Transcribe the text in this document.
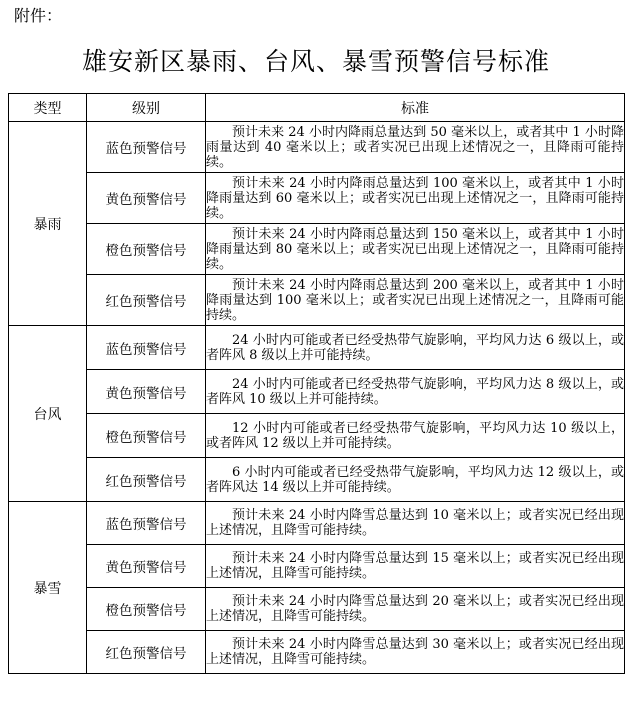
附件：
雄安新区暴雨、台风、暴雪预警信号标准
类型	级别	标准
暴雨	蓝色预警信号	预计未来 24 小时内降雨总量达到 50 毫米以上，或者其中 1 小时降雨量达到 40 毫米以上；或者实况已出现上述情况之一，且降雨可能持续。
	黄色预警信号	预计未来 24 小时内降雨总量达到 100 毫米以上，或者其中 1 小时降雨量达到 60 毫米以上；或者实况已出现上述情况之一，且降雨可能持续。
	橙色预警信号	预计未来 24 小时内降雨总量达到 150 毫米以上，或者其中 1 小时降雨量达到 80 毫米以上；或者实况已出现上述情况之一，且降雨可能持续。
	红色预警信号	预计未来 24 小时内降雨总量达到 200 毫米以上，或者其中 1 小时降雨量达到 100 毫米以上；或者实况已出现上述情况之一，且降雨可能持续。
台风	蓝色预警信号	24 小时内可能或者已经受热带气旋影响，平均风力达 6 级以上，或者阵风 8 级以上并可能持续。
	黄色预警信号	24 小时内可能或者已经受热带气旋影响，平均风力达 8 级以上，或者阵风 10 级以上并可能持续。
	橙色预警信号	12 小时内可能或者已经受热带气旋影响，平均风力达 10 级以上，或者阵风 12 级以上并可能持续。
	红色预警信号	6 小时内可能或者已经受热带气旋影响，平均风力达 12 级以上，或者阵风达 14 级以上并可能持续。
暴雪	蓝色预警信号	预计未来 24 小时内降雪总量达到 10 毫米以上；或者实况已经出现上述情况，且降雪可能持续。
	黄色预警信号	预计未来 24 小时内降雪总量达到 15 毫米以上；或者实况已经出现上述情况，且降雪可能持续。
	橙色预警信号	预计未来 24 小时内降雪总量达到 20 毫米以上；或者实况已经出现上述情况，且降雪可能持续。
	红色预警信号	预计未来 24 小时内降雪总量达到 30 毫米以上；或者实况已经出现上述情况，且降雪可能持续。
